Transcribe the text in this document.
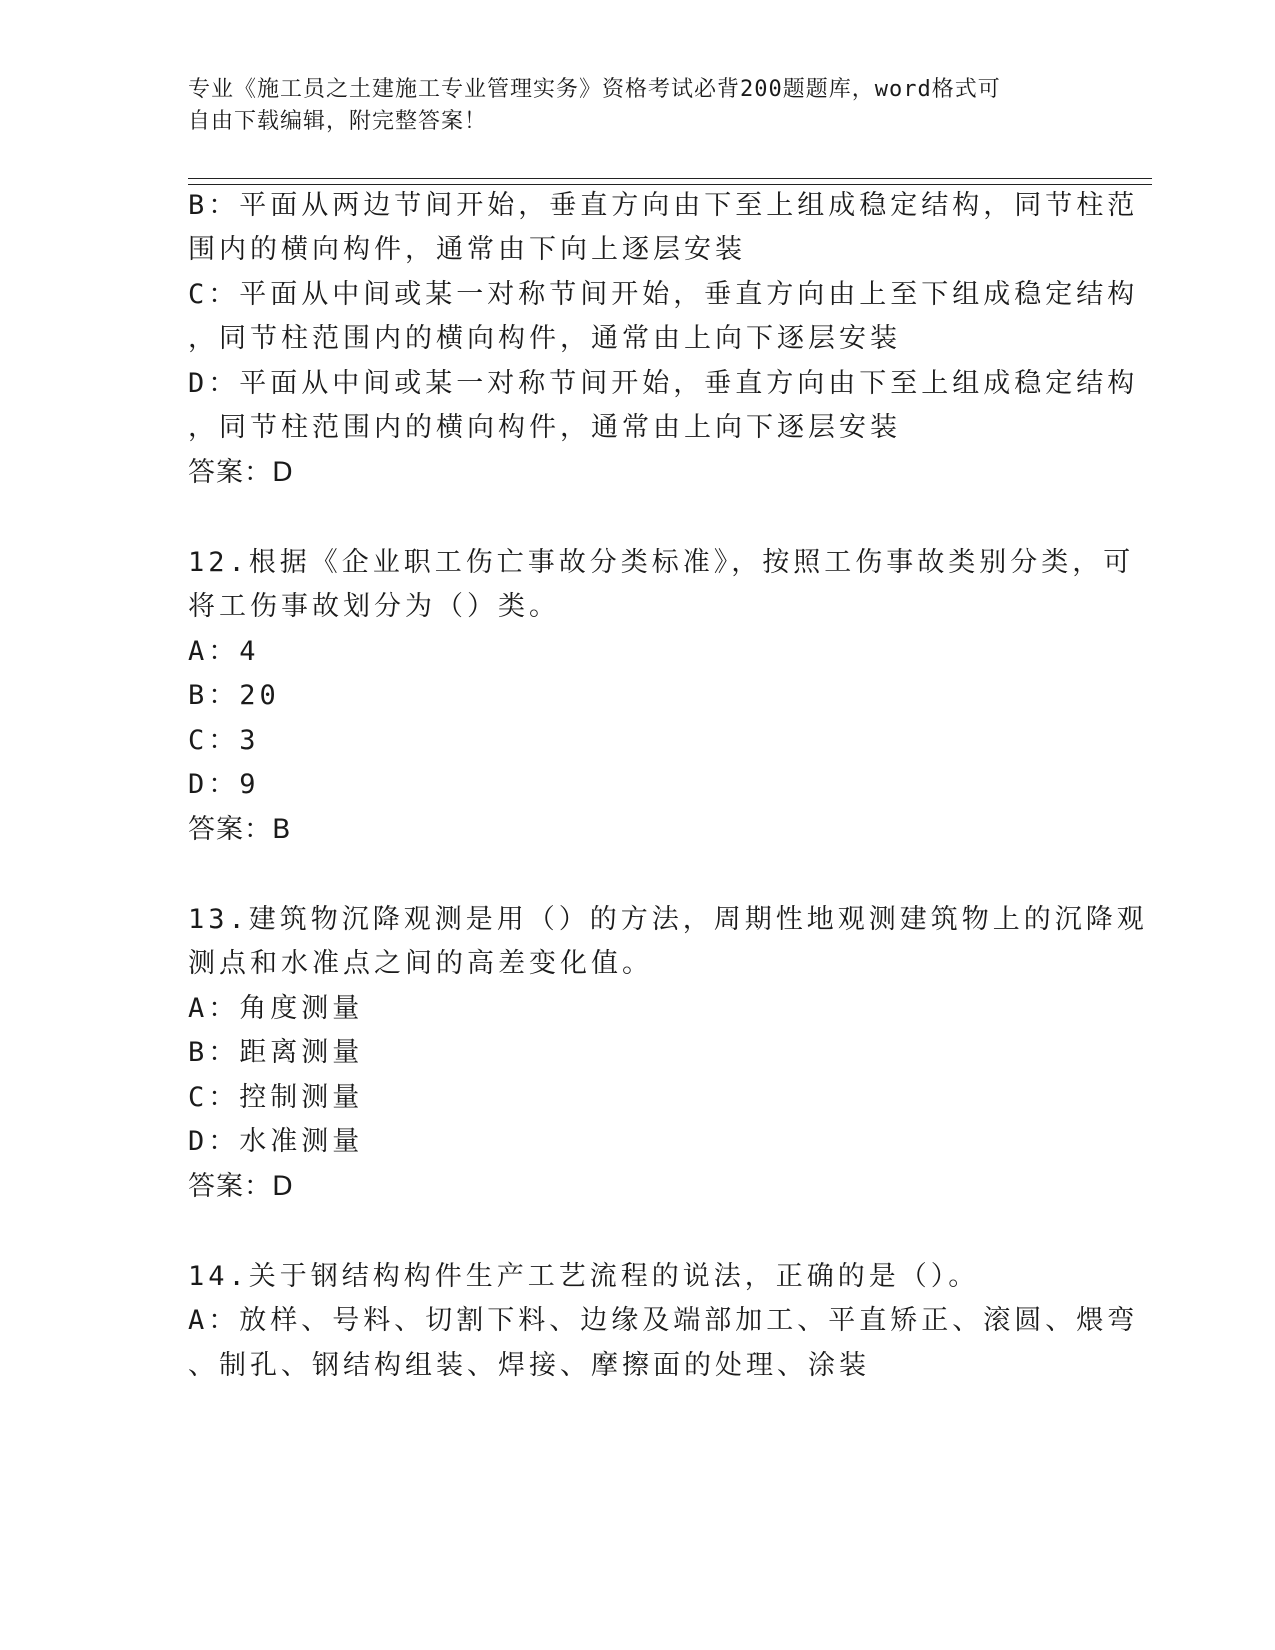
专业《施工员之土建施工专业管理实务》资格考试必背200题题库，word格式可
自由下载编辑，附完整答案！
B：平面从两边节间开始，垂直方向由下至上组成稳定结构，同节柱范
围内的横向构件，通常由下向上逐层安装
C：平面从中间或某一对称节间开始，垂直方向由上至下组成稳定结构
，同节柱范围内的横向构件，通常由上向下逐层安装
D：平面从中间或某一对称节间开始，垂直方向由下至上组成稳定结构
，同节柱范围内的横向构件，通常由上向下逐层安装
答案：D
12.根据《企业职工伤亡事故分类标准》，按照工伤事故类别分类，可
将工伤事故划分为（）类。
A：4
B：20
C：3
D：9
答案：B
13.建筑物沉降观测是用（）的方法，周期性地观测建筑物上的沉降观
测点和水准点之间的高差变化值。
A：角度测量
B：距离测量
C：控制测量
D：水准测量
答案：D
14.关于钢结构构件生产工艺流程的说法，正确的是（）。
A：放样、号料、切割下料、边缘及端部加工、平直矫正、滚圆、煨弯
、制孔、钢结构组装、焊接、摩擦面的处理、涂装
